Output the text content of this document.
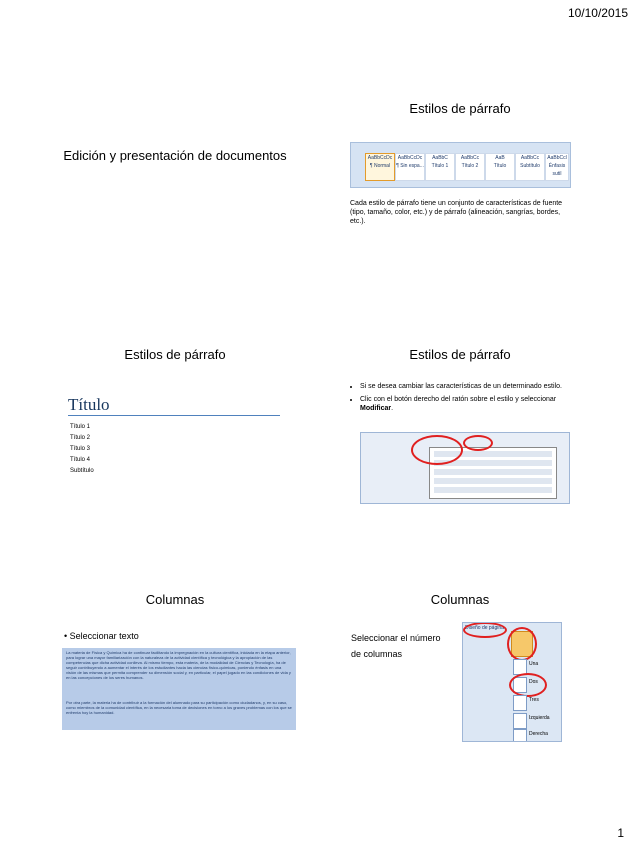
10/10/2015
Edición y presentación de documentos
Estilos de párrafo
AaBbCcDc
¶ Normal
AaBbCcDc
¶ Sin espa...
AaBbC
Título 1
AaBbCc
Título 2
AaB
Título
AaBbCc
Subtítulo
AaBbCcl
Énfasis sutil
Cada estilo de párrafo tiene un conjunto de características de fuente (tipo, tamaño, color, etc.) y de párrafo (alineación, sangrías, bordes, etc.).
Estilos de párrafo
Título
Título 1
Título 2
Título 3
Título 4
Subtítulo
Estilos de párrafo
• Si se desea cambiar las características de un determinado estilo.
• Clic con el botón derecho del ratón sobre el estilo y seleccionar Modificar.
Columnas
• Seleccionar texto
La materia de Física y Química ha de continuar facilitando la impregnación en la cultura científica, iniciada en la etapa anterior, para lograr una mayor familiarización con la naturaleza de la actividad científica y tecnológica y la apropiación de las competencias que dicha actividad conlleva. Al mismo tiempo, esta materia, de la modalidad de Ciencias y Tecnología, ha de seguir contribuyendo a aumentar el interés de los estudiantes hacia las ciencias físico-químicas, poniendo énfasis en una visión de las mismas que permita comprender su dimensión social y, en particular, el papel jugado en las condiciones de vida y en las concepciones de los seres humanos.
Por otra parte, la materia ha de contribuir a la formación del alumnado para su participación como ciudadanos, y, en su caso, como miembros de la comunidad científica, en la necesaria toma de decisiones en torno a los graves problemas con los que se enfrenta hoy la humanidad.
Columnas
Seleccionar el número de columnas
Diseño de página
Una
Dos
Tres
Izquierda
Derecha
1
